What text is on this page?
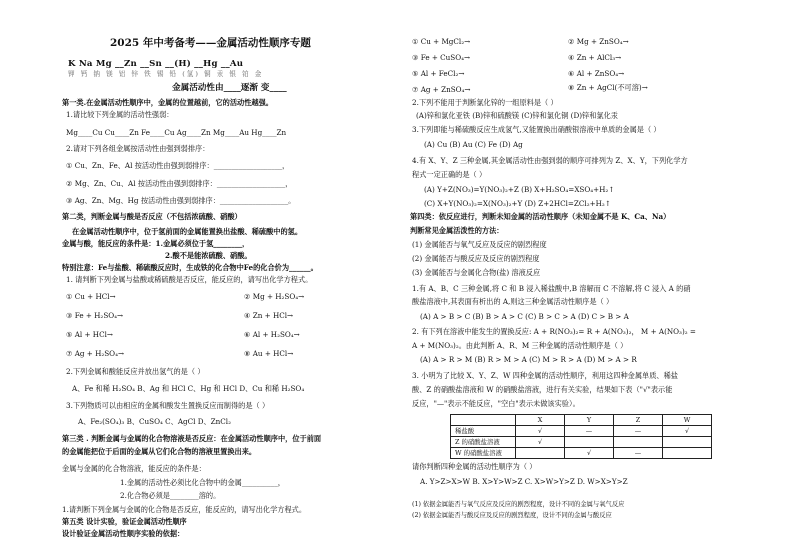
2025 年中考备考——金属活动性顺序专题
K Na Mg __Zn __Sn __(H) __Hg __Au
钾 钙 钠 镁 铝 锌 铁 锡 铅 (氢) 铜 汞 银 铂 金
金属活动性由____逐渐 变____
第一类.在金属活动性顺序中，金属的位置越前，它的活动性越强。
1.请比较下列金属的活动性强弱：
Mg____Cu Cu____Zn Fe____Cu Ag____Zn Mg____Au Hg____Zn
2.请对下列各组金属按活动性由强到弱排序：
① Cu、Zn、Fe、Al 按活动性由强到弱排序：___________________，
② Mg、Zn、Cu、Al 按活动性由强到弱排序：___________________，
③ Ag、Zn、Mg、Hg 按活动性由强到弱排序：___________________。
第二类，判断金属与酸是否反应（不包括浓硫酸、硝酸）
在金属活动性顺序中，位于氢前面的金属能置换出盐酸、稀硫酸中的氢。
金属与酸，能反应的条件是：1.金属必须位于氢________，
2.酸不是能浓硫酸、硝酸。
特别注意：Fe与盐酸、稀硫酸反应时，生成铁的化合物中Fe的化合价为______。
1. 请判断下列金属与盐酸或稀硫酸是否反应，能反应的，请写出化学方程式。
① Cu + HCl→	② Mg + H₂SO₄→
③ Fe + H₂SO₄→	④ Zn + HCl→
⑤ Al + HCl→	⑥ Al + H₂SO₄→
⑦ Ag + H₂SO₄→	⑧ Au + HCl→
2.下列金属和酸能反应并放出氢气的是（ ）
A、Fe 和稀 H₂SO₄ B、Ag 和 HCl C、Hg 和 HCl D、Cu 和稀 H₂SO₄
3.下列物质可以由相应的金属和酸发生置换反应而制得的是（ ）
A、Fe₂(SO₄)₃ B、CuSO₄ C、AgCl D、ZnCl₂
第三类 . 判断金属与金属的化合物溶液是否反应：在金属活动性顺序中，位于前面
的金属能把位于后面的金属从它们化合物的溶液里置换出来。
金属与金属的化合物溶液，能反应的条件是：
1.金属的活动性必须比化合物中的金属__________，
2.化合物必须是________溶的。
1.请判断下列金属与金属的化合物是否反应，能反应的，请写出化学方程式。
第五类 设计实验，验证金属活动性顺序
设计验证金属活动性顺序实验的依据：
① Cu + MgCl₂→	② Mg + ZnSO₄→
③ Fe + CuSO₄→	④ Zn + AlCl₃→
⑤ Al + FeCl₂→	⑥ Al + ZnSO₄→
⑦ Ag + ZnSO₄→	⑧ Zn + AgCl(不可溶)→
2.下列不能用于判断氯化锌的一组原料是（ ）
(A)锌和氯化亚铁 (B)锌和硫酸镁 (C)锌和氯化铜 (D)锌和氯化汞
3.下列即能与稀硫酸反应生成氢气,又能置换出硝酸银溶液中单质的金属是（ ）
(A) Cu (B) Au (C) Fe (D) Ag
4.有 X、Y、Z 三种金属,其金属活动性由强到弱的顺序可排列为 Z、X、Y，下列化学方
程式一定正确的是（ ）
(A) Y+Z(NO₃)=Y(NO₃)₂+Z (B) X+H₂SO₄=XSO₄+H₂↑
(C) X+Y(NO₃)₂=X(NO₃)₂+Y (D) Z+2HCl=ZCl₂+H₂↑
第四类：依反应进行，判断未知金属的活动性顺序（未知金属不是 K、Ca、Na）
判断常见金属活泼性的方法：
(1) 金属能否与氧气反应及反应的剧烈程度
(2) 金属能否与酸反应及反应的剧烈程度
(3) 金属能否与金属化合物(盐) 溶液反应
1.有 A、B、C 三种金属,将 C 和 B 浸入稀盐酸中,B 溶解而 C 不溶解,将 C 浸入 A 的硝
酸盐溶液中,其表面有析出的 A,则这三种金属活动性顺序是（ ）
(A) A > B > C (B) B > A > C (C) B > C > A (D) C > B > A
2. 有下列在溶液中能发生的置换反应: A + R(NO₃)₂= R + A(NO₃)₂， M + A(NO₃)₂ =
A + M(NO₃)₂。由此判断 A、R、M 三种金属的活动性顺序是（ ）
(A) A > R > M (B) R > M > A (C) M > R > A (D) M > A > R
3. 小明为了比较 X、Y、Z、W 四种金属的活动性顺序，利用这四种金属单质、稀盐
酸、Z 的硝酸盐溶液和 W 的硝酸盐溶液，进行有关实验，结果如下表（"√"表示能
反应，"—"表示不能反应，"空白"表示未做该实验）。
	X	Y	Z	W
稀盐酸	√	—	—	√
Z 的硝酸盐溶液	√			
W 的硝酸盐溶液		√	—	
请你判断四种金属的活动性顺序为（ ）
A. Y>Z>X>W B. X>Y>W>Z C. X>W>Y>Z D. W>X>Y>Z
(1) 依据金属能否与氧气反应及反应的剧烈程度，设计不同的金属与氧气反应
(2) 依据金属能否与酸反应及反应的剧烈程度，设计不同的金属与酸反应
